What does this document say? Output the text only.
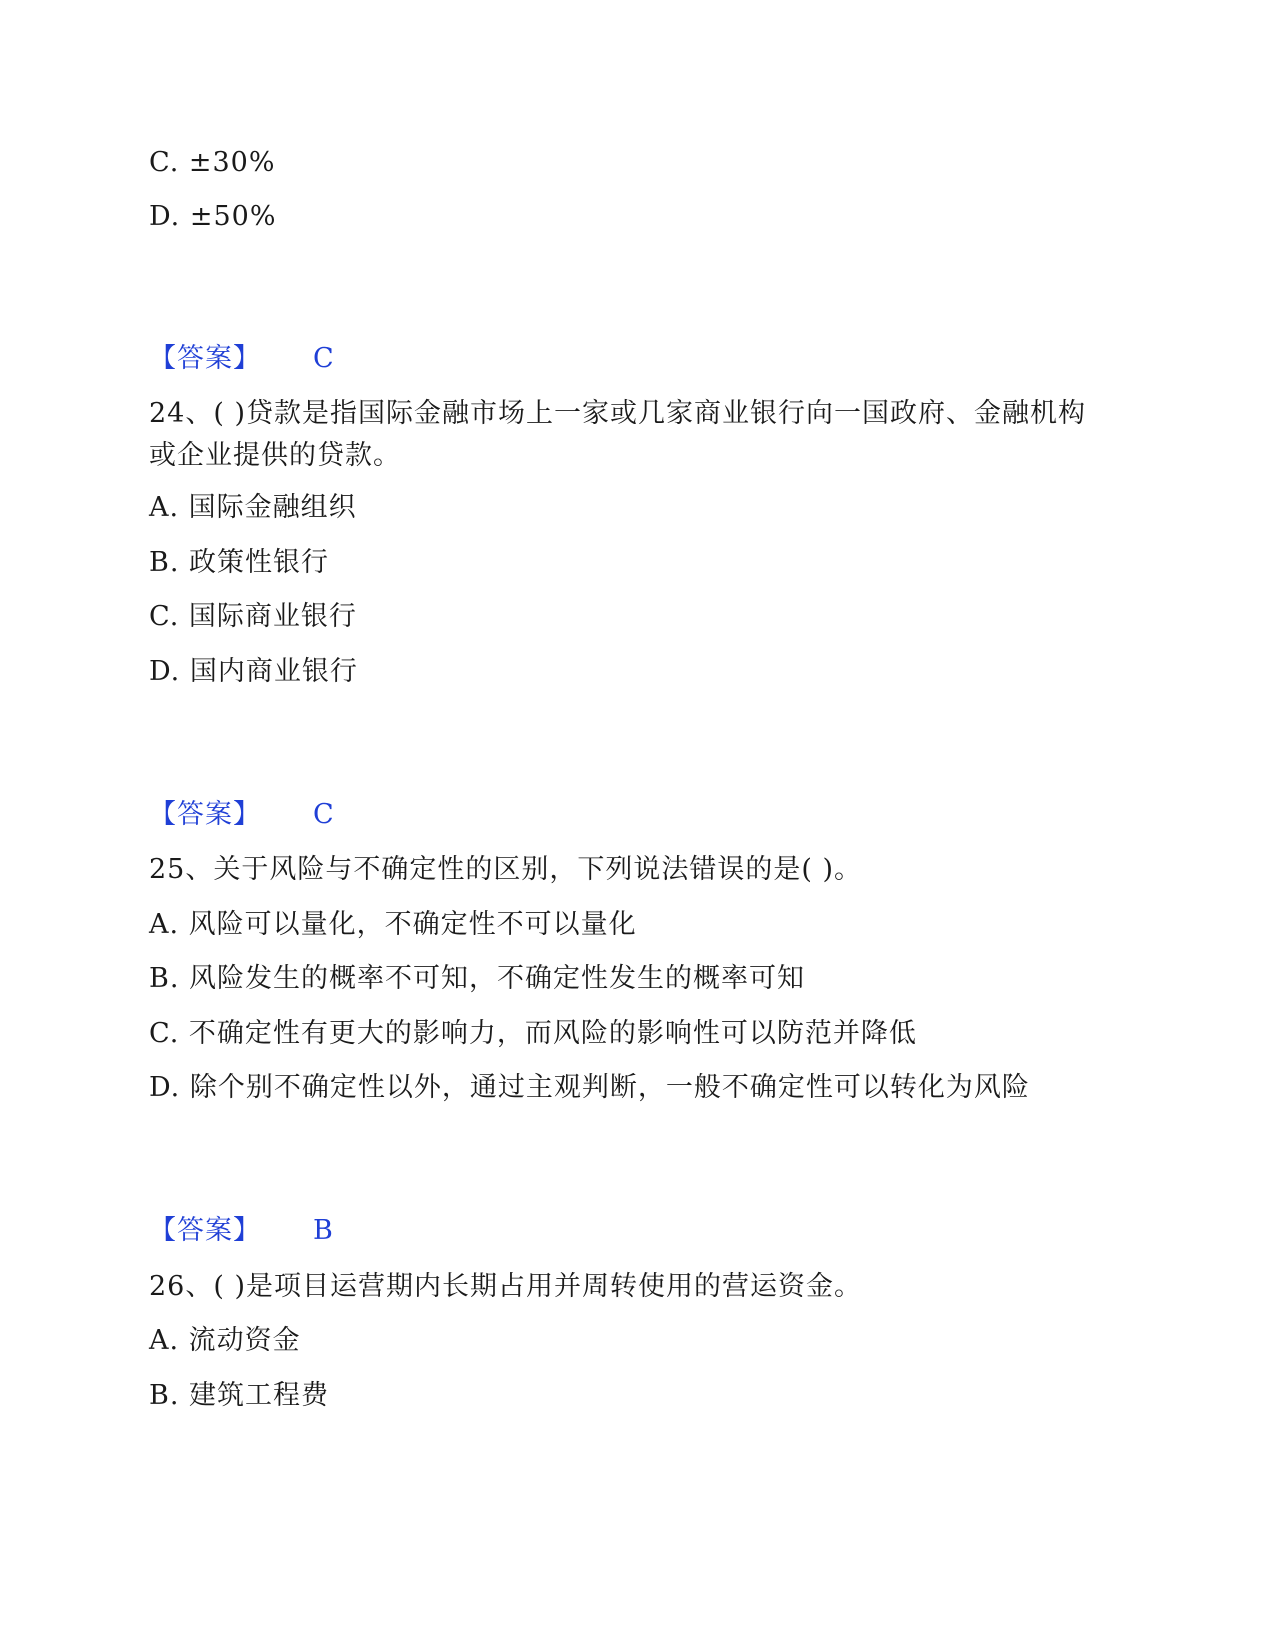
C. ±30%
D. ±50%
【答案】 C
24、( )贷款是指国际金融市场上一家或几家商业银行向一国政府、金融机构或企业提供的贷款。
A. 国际金融组织
B. 政策性银行
C. 国际商业银行
D. 国内商业银行
【答案】 C
25、关于风险与不确定性的区别，下列说法错误的是( )。
A. 风险可以量化，不确定性不可以量化
B. 风险发生的概率不可知，不确定性发生的概率可知
C. 不确定性有更大的影响力，而风险的影响性可以防范并降低
D. 除个别不确定性以外，通过主观判断，一般不确定性可以转化为风险
【答案】 B
26、( )是项目运营期内长期占用并周转使用的营运资金。
A. 流动资金
B. 建筑工程费
